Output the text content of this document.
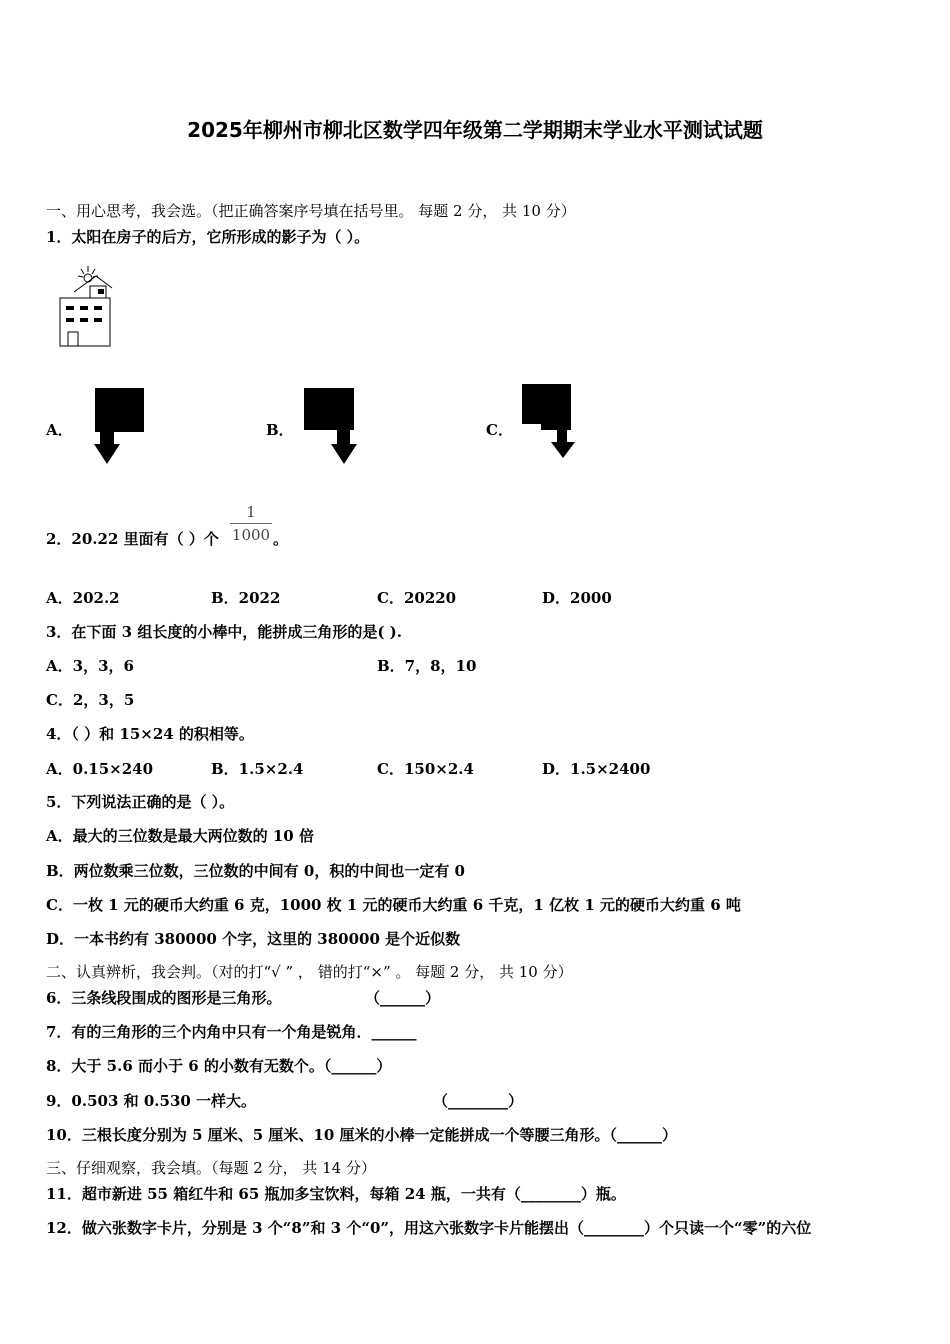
2025年柳州市柳北区数学四年级第二学期期末学业水平测试试题
一、用心思考，我会选。（把正确答案序号填在括号里。 每题 2 分， 共 10 分）
1．太阳在房子的后方，它所形成的影子为（ ）。
A．	B．	C．
2．20.22 里面有（ ）个 $\frac{1}{1000}$ 。
A．202.2	B．2022	C．20220	D．2000
3．在下面 3 组长度的小棒中，能拼成三角形的是( ).
A．3，3，6	B．7，8，10
C．2，3，5
4．（ ）和 15×24 的积相等。
A．0.15×240	B．1.5×2.4	C．150×2.4	D．1.5×2400
5．下列说法正确的是（ ）。
A．最大的三位数是最大两位数的 10 倍
B．两位数乘三位数，三位数的中间有 0，积的中间也一定有 0
C．一枚 1 元的硬币大约重 6 克，1000 枚 1 元的硬币大约重 6 千克，1 亿枚 1 元的硬币大约重 6 吨
D．一本书约有 380000 个字，这里的 380000 是个近似数
二、认真辨析，我会判。（对的打“√ ” ， 错的打“×” 。 每题 2 分， 共 10 分）
6．三条线段围成的图形是三角形。	（______）
7．有的三角形的三个内角中只有一个角是锐角．______
8．大于 5.6 而小于 6 的小数有无数个。（______）
9．0.503 和 0.530 一样大。	（________）
10．三根长度分别为 5 厘米、5 厘米、10 厘米的小棒一定能拼成一个等腰三角形。（______）
三、仔细观察，我会填。（每题 2 分， 共 14 分）
11．超市新进 55 箱红牛和 65 瓶加多宝饮料，每箱 24 瓶，一共有（________）瓶。
12．做六张数字卡片，分别是 3 个“8”和 3 个“0”，用这六张数字卡片能摆出（________）个只读一个“零”的六位
